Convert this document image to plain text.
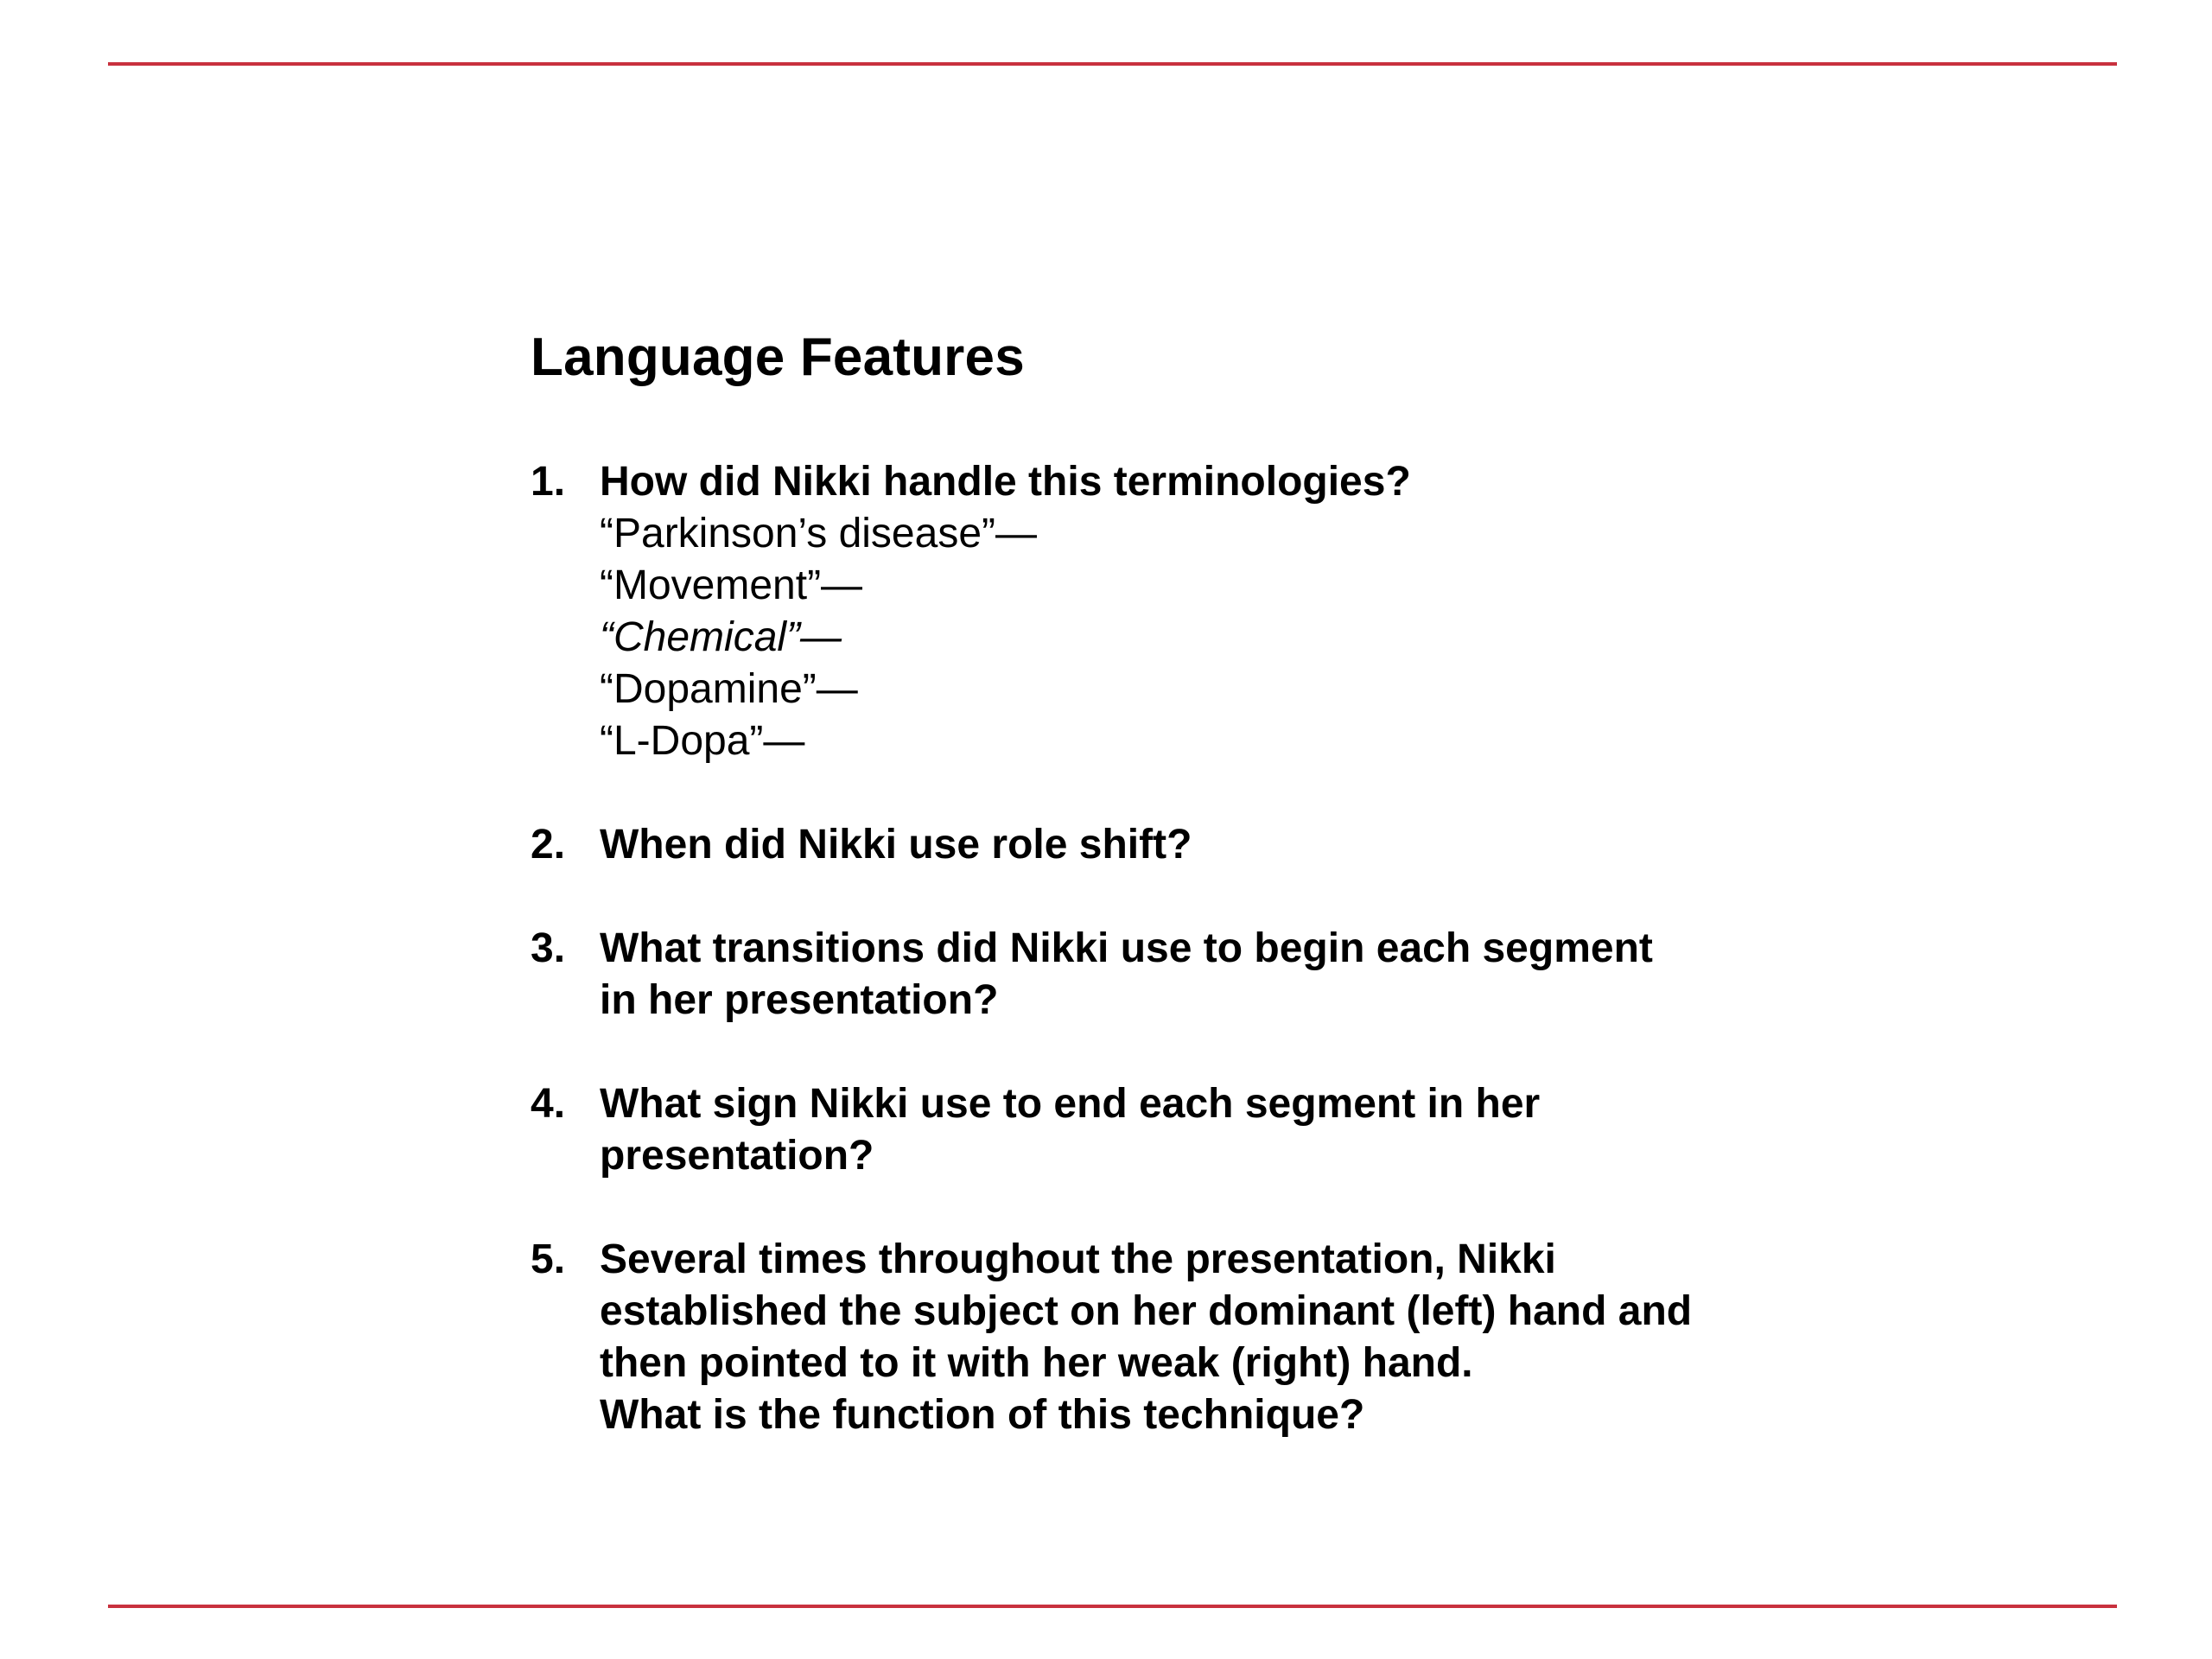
Language Features
1. How did Nikki handle this terminologies?
“Parkinson’s disease”—
“Movement”—
“Chemical”—
“Dopamine”—
“L-Dopa”—
2. When did Nikki use role shift?
3. What transitions did Nikki use to begin each segment
in her presentation?
4. What sign Nikki use to end each segment in her
presentation?
5. Several times throughout the presentation, Nikki
established the subject on her dominant (left) hand and
then pointed to it with her weak (right) hand.
What is the function of this technique?
